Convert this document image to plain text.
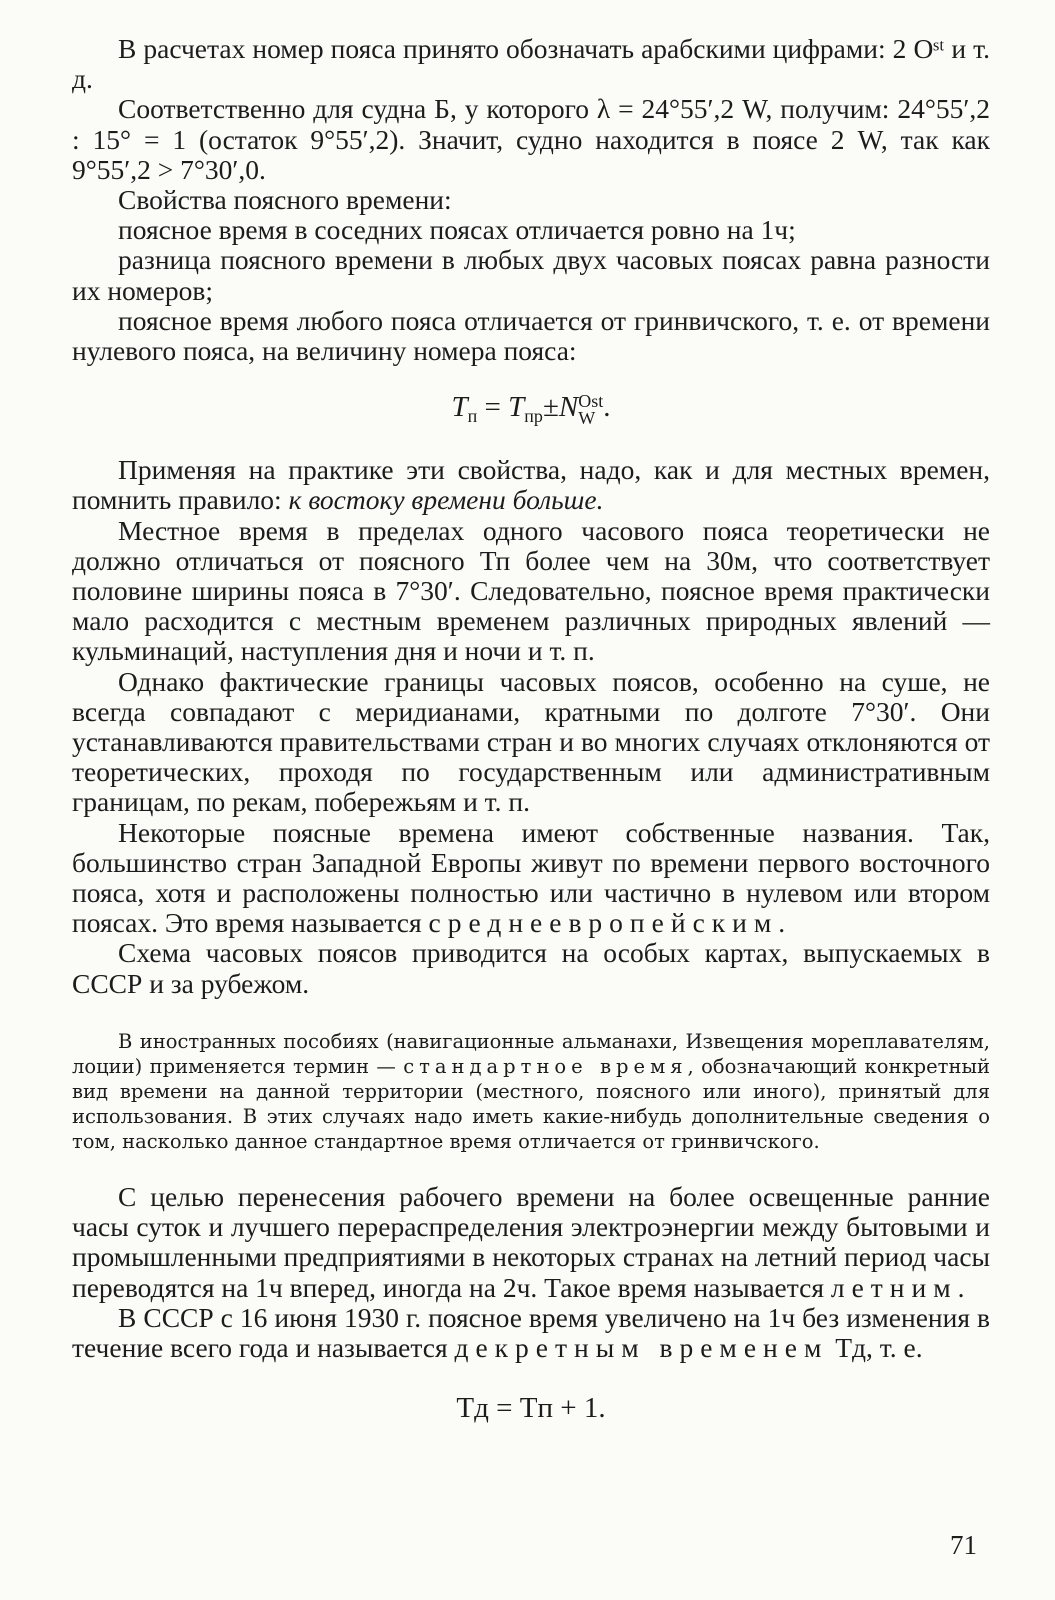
В расчетах номер пояса принято обозначать арабскими цифрами: 2 Oˢᵗ и т. д.

Соответственно для судна Б, у которого λ = 24°55′,2 W, получим: 24°55′,2 : 15° = 1 (остаток 9°55′,2). Значит, судно находится в поясе 2 W, так как 9°55′,2 > 7°30′,0.

Свойства поясного времени:

поясное время в соседних поясах отличается ровно на 1ч;

разница поясного времени в любых двух часовых поясах равна разности их номеров;

поясное время любого пояса отличается от гринвичского, т. е. от времени нулевого пояса, на величину номера пояса:

$T_п = T_{пр}\pm N$ Ost
W .

Применяя на практике эти свойства, надо, как и для местных времен, помнить правило: к востоку времени больше.

Местное время в пределах одного часового пояса теоретически не должно отличаться от поясного Тп более чем на 30м, что соответствует половине ширины пояса в 7°30′. Следовательно, поясное время практически мало расходится с местным временем различных природных явлений — кульминаций, наступления дня и ночи и т. п.

Однако фактические границы часовых поясов, особенно на суше, не всегда совпадают с меридианами, кратными по долготе 7°30′. Они устанавливаются правительствами стран и во многих случаях отклоняются от теоретических, проходя по государственным или административным границам, по рекам, побережьям и т. п.

Некоторые поясные времена имеют собственные названия. Так, большинство стран Западной Европы живут по времени первого восточного пояса, хотя и расположены полностью или частично в нулевом или втором поясах. Это время называется среднеевропейским.

Схема часовых поясов приводится на особых картах, выпускаемых в СССР и за рубежом.

В иностранных пособиях (навигационные альманахи, Извещения мореплавателям, лоции) применяется термин — стандартное время, обозначающий конкретный вид времени на данной территории (местного, поясного или иного), принятый для использования. В этих случаях надо иметь какие-нибудь дополнительные сведения о том, насколько данное стандартное время отличается от гринвичского.

С целью перенесения рабочего времени на более освещенные ранние часы суток и лучшего перераспределения электроэнергии между бытовыми и промышленными предприятиями в некоторых странах на летний период часы переводятся на 1ч вперед, иногда на 2ч. Такое время называется летним.

В СССР с 16 июня 1930 г. поясное время увеличено на 1ч без изменения в течение всего года и называется декретным временем Тд, т. е.

Tд = Tп + 1.
71
